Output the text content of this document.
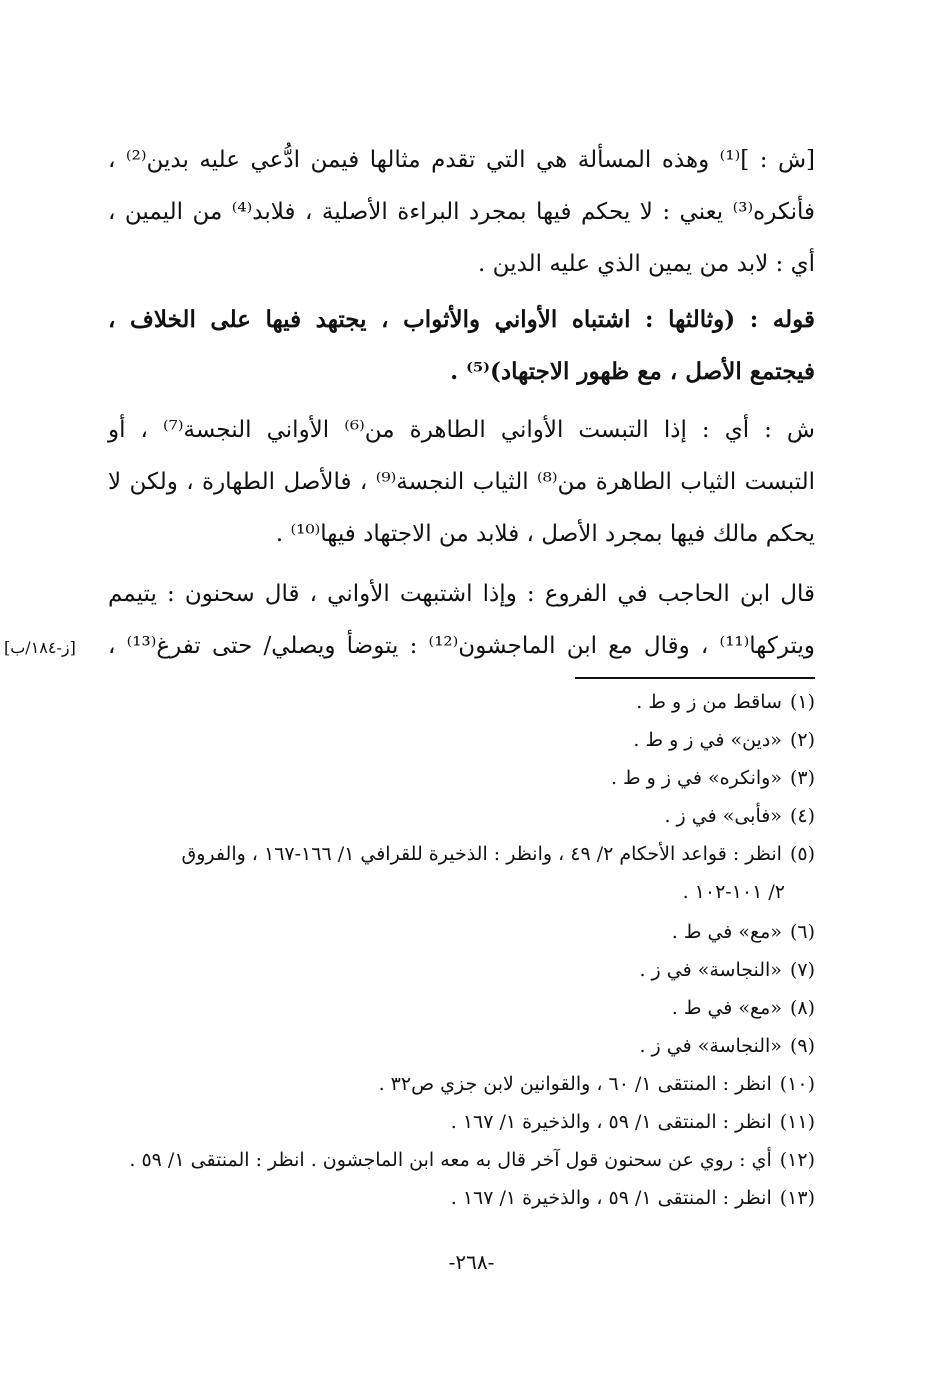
[ش : ]⁽¹⁾ وهذه المسألة هي التي تقدم مثالها فيمن ادُّعي عليه بدين⁽²⁾ ،
فأنكره⁽³⁾ يعني : لا يحكم فيها بمجرد البراءة الأصلية ، فلابد⁽⁴⁾ من اليمين ،
أي : لابد من يمين الذي عليه الدين .
قوله : (وثالثها : اشتباه الأواني والأثواب ، يجتهد فيها على الخلاف ،
فيجتمع الأصل ، مع ظهور الاجتهاد)⁽⁵⁾ .
ش : أي : إذا التبست الأواني الطاهرة من⁽⁶⁾ الأواني النجسة⁽⁷⁾ ، أو
التبست الثياب الطاهرة من⁽⁸⁾ الثياب النجسة⁽⁹⁾ ، فالأصل الطهارة ، ولكن لا
يحكم مالك فيها بمجرد الأصل ، فلابد من الاجتهاد فيها⁽¹⁰⁾ .
قال ابن الحاجب في الفروع : وإذا اشتبهت الأواني ، قال سحنون : يتيمم
ويتركها⁽¹¹⁾ ، وقال مع ابن الماجشون⁽¹²⁾ : يتوضأ ويصلي/ حتى تفرغ⁽¹³⁾ ،
[ز-١٨٤/ب]
(١)ساقط من ز و ط .
(٢)«دين» في ز و ط .
(٣)«وانكره» في ز و ط .
(٤)«فأبى» في ز .
(٥)انظر : قواعد الأحكام ٢/ ٤٩ ، وانظر : الذخيرة للقرافي ١/ ١٦٦-١٦٧ ، والفروق
٢/ ١٠١-١٠٢ .
(٦)«مع» في ط .
(٧)«النجاسة» في ز .
(٨)«مع» في ط .
(٩)«النجاسة» في ز .
(١٠)انظر : المنتقى ١/ ٦٠ ، والقوانين لابن جزي ص٣٢ .
(١١)انظر : المنتقى ١/ ٥٩ ، والذخيرة ١/ ١٦٧ .
(١٢)أي : روي عن سحنون قول آخر قال به معه ابن الماجشون . انظر : المنتقى ١/ ٥٩ .
(١٣)انظر : المنتقى ١/ ٥٩ ، والذخيرة ١/ ١٦٧ .
-٢٦٨-
